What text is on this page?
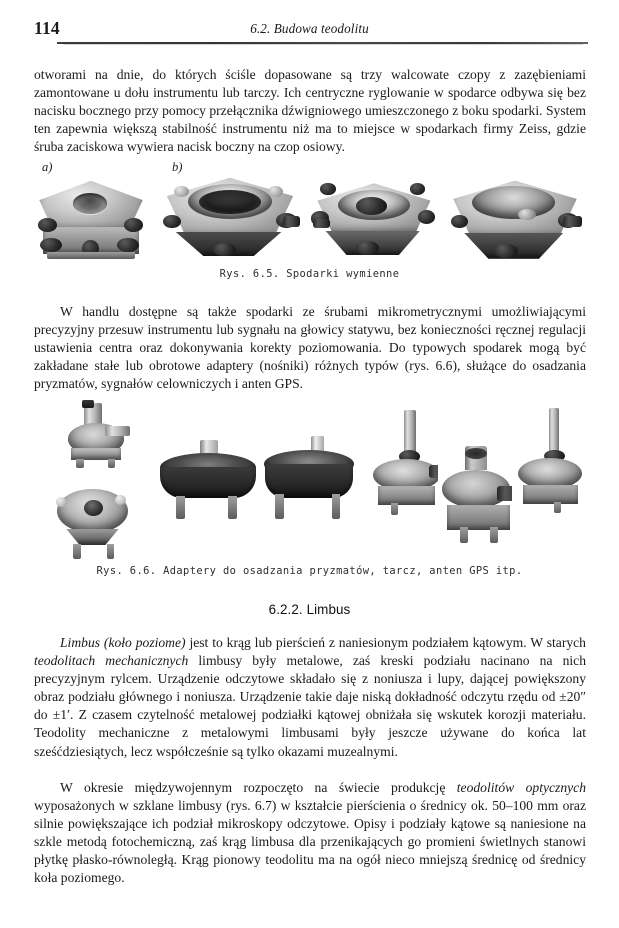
114	6.2. Budowa teodolitu

otworami na dnie, do których ściśle dopasowane są trzy walcowate czopy z zazębieniami zamontowane u dołu instrumentu lub tarczy. Ich centryczne ryglowanie w spodarce odbywa się bez nacisku bocznego przy pomocy przełącznika dźwigniowego umieszczonego z boku spodarki. System ten zapewnia większą stabilność instrumentu niż ma to miejsce w spodarkach firmy Zeiss, gdzie śruba zaciskowa wywiera nacisk boczny na czop osiowy.

a)	b)
Rys. 6.5. Spodarki wymienne

W handlu dostępne są także spodarki ze śrubami mikrometrycznymi umożliwiającymi precyzyjny przesuw instrumentu lub sygnału na głowicy statywu, bez konieczności ręcznej regulacji ustawienia centra oraz dokonywania korekty poziomowania. Do typowych spodarek mogą być zakładane stałe lub obrotowe adaptery (nośniki) różnych typów (rys. 6.6), służące do osadzania pryzmatów, sygnałów celowniczych i anten GPS.

Rys. 6.6. Adaptery do osadzania pryzmatów, tarcz, anten GPS itp.
6.2.2. Limbus

Limbus (koło poziome) jest to krąg lub pierścień z naniesionym podziałem kątowym. W starych teodolitach mechanicznych limbusy były metalowe, zaś kreski podziału nacinano na nich precyzyjnym rylcem. Urządzenie odczytowe składało się z noniusza i lupy, dającej powiększony obraz podziału głównego i noniusza. Urządzenie takie daje niską dokładność odczytu rzędu od ±20″ do ±1′. Z czasem czytelność metalowej podziałki kątowej obniżała się wskutek korozji materiału. Teodolity mechaniczne z metalowymi limbusami były jeszcze używane do końca lat sześćdziesiątych, lecz współcześnie są tylko okazami muzealnymi.

W okresie międzywojennym rozpoczęto na świecie produkcję teodolitów optycznych wyposażonych w szklane limbusy (rys. 6.7) w kształcie pierścienia o średnicy ok. 50–100 mm oraz silnie powiększające ich podział mikroskopy odczytowe. Opisy i podziały kątowe są naniesione na szkle metodą fotochemiczną, zaś krąg limbusa dla przenikających go promieni świetlnych stanowi płytkę płasko-równoległą. Krąg pionowy teodolitu ma na ogół nieco mniejszą średnicę od średnicy koła poziomego.
